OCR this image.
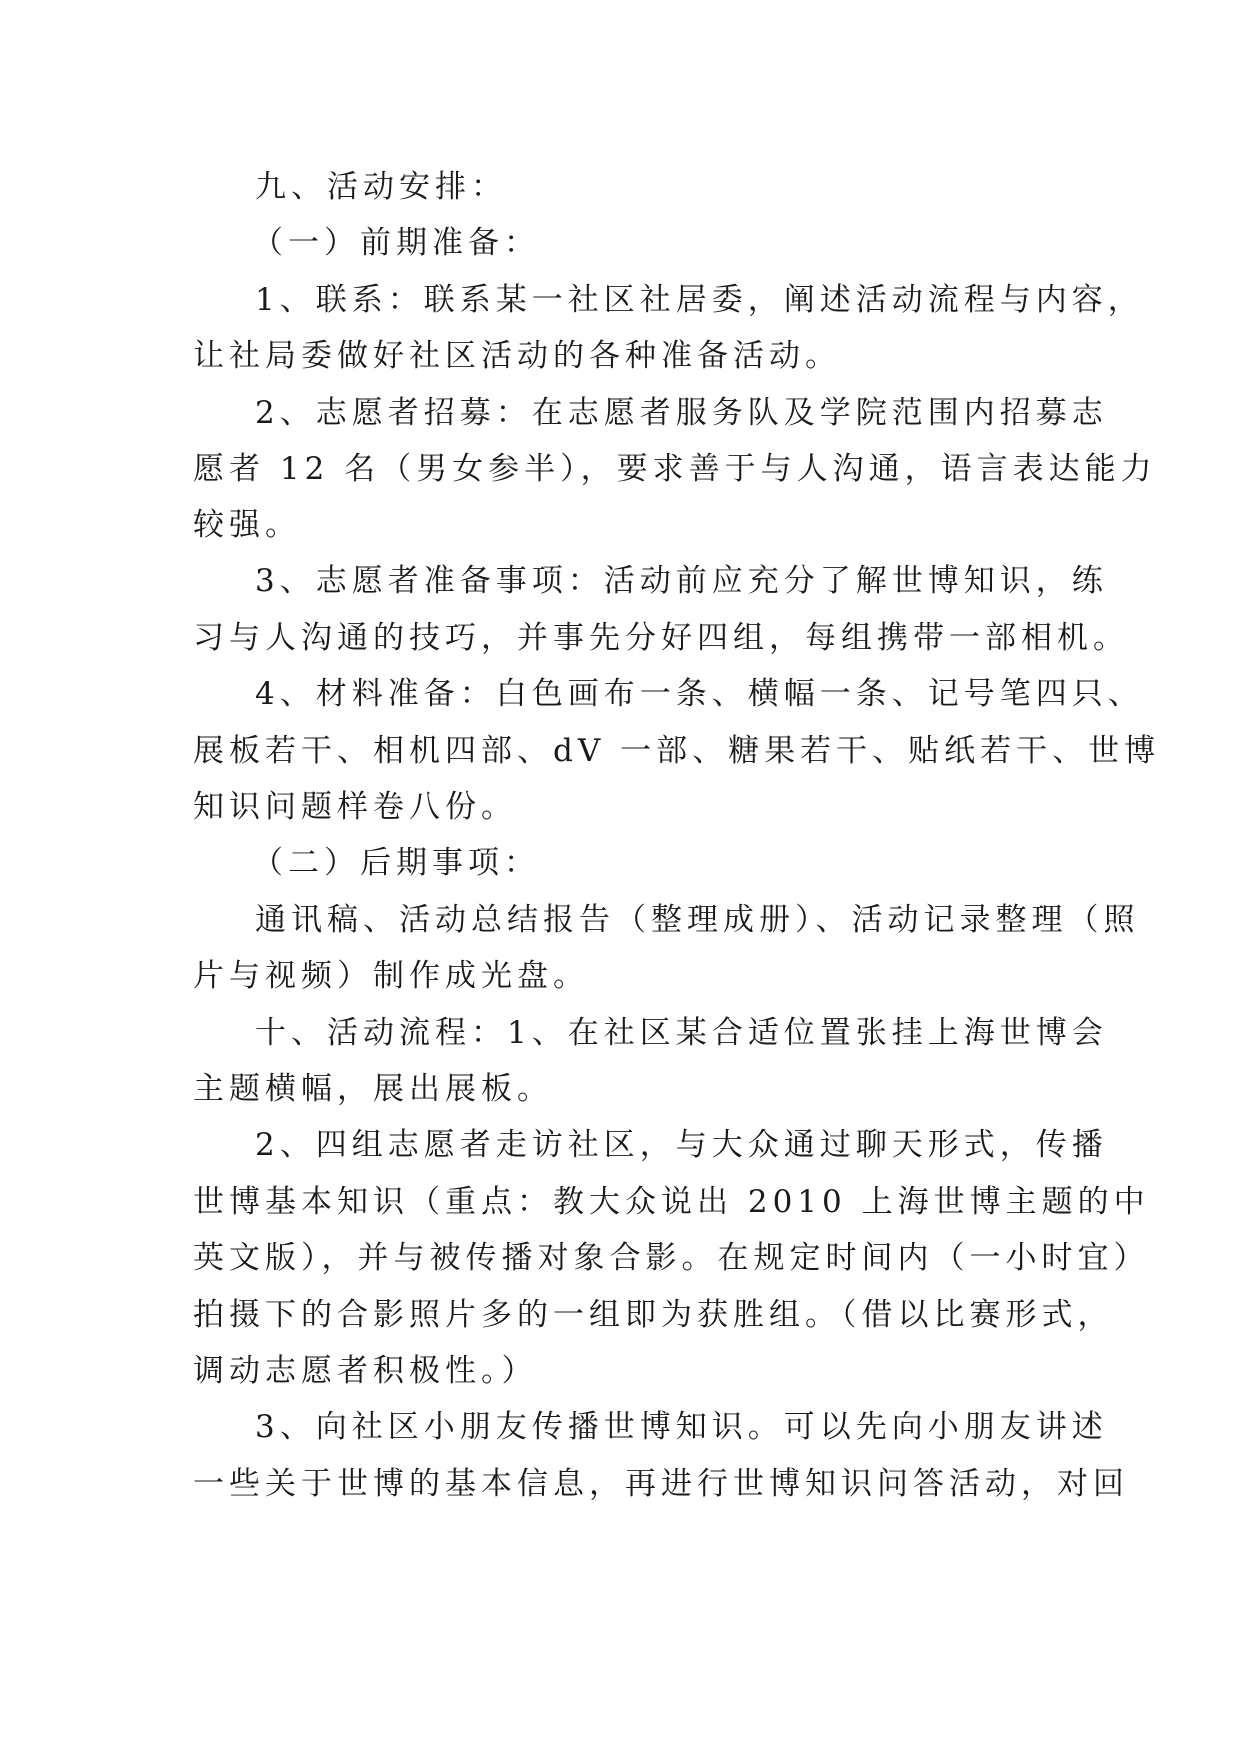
九、活动安排：
（一）前期准备：
1、联系：联系某一社区社居委，阐述活动流程与内容，
让社局委做好社区活动的各种准备活动。
2、志愿者招募：在志愿者服务队及学院范围内招募志
愿者 12 名（男女参半），要求善于与人沟通，语言表达能力
较强。
3、志愿者准备事项：活动前应充分了解世博知识，练
习与人沟通的技巧，并事先分好四组，每组携带一部相机。
4、材料准备：白色画布一条、横幅一条、记号笔四只、
展板若干、相机四部、dV 一部、糖果若干、贴纸若干、世博
知识问题样卷八份。
（二）后期事项：
通讯稿、活动总结报告（整理成册）、活动记录整理（照
片与视频）制作成光盘。
十、活动流程：1、在社区某合适位置张挂上海世博会
主题横幅，展出展板。
2、四组志愿者走访社区，与大众通过聊天形式，传播
世博基本知识（重点：教大众说出 2010 上海世博主题的中
英文版），并与被传播对象合影。在规定时间内（一小时宜）
拍摄下的合影照片多的一组即为获胜组。（借以比赛形式，
调动志愿者积极性。）
3、向社区小朋友传播世博知识。可以先向小朋友讲述
一些关于世博的基本信息，再进行世博知识问答活动，对回
